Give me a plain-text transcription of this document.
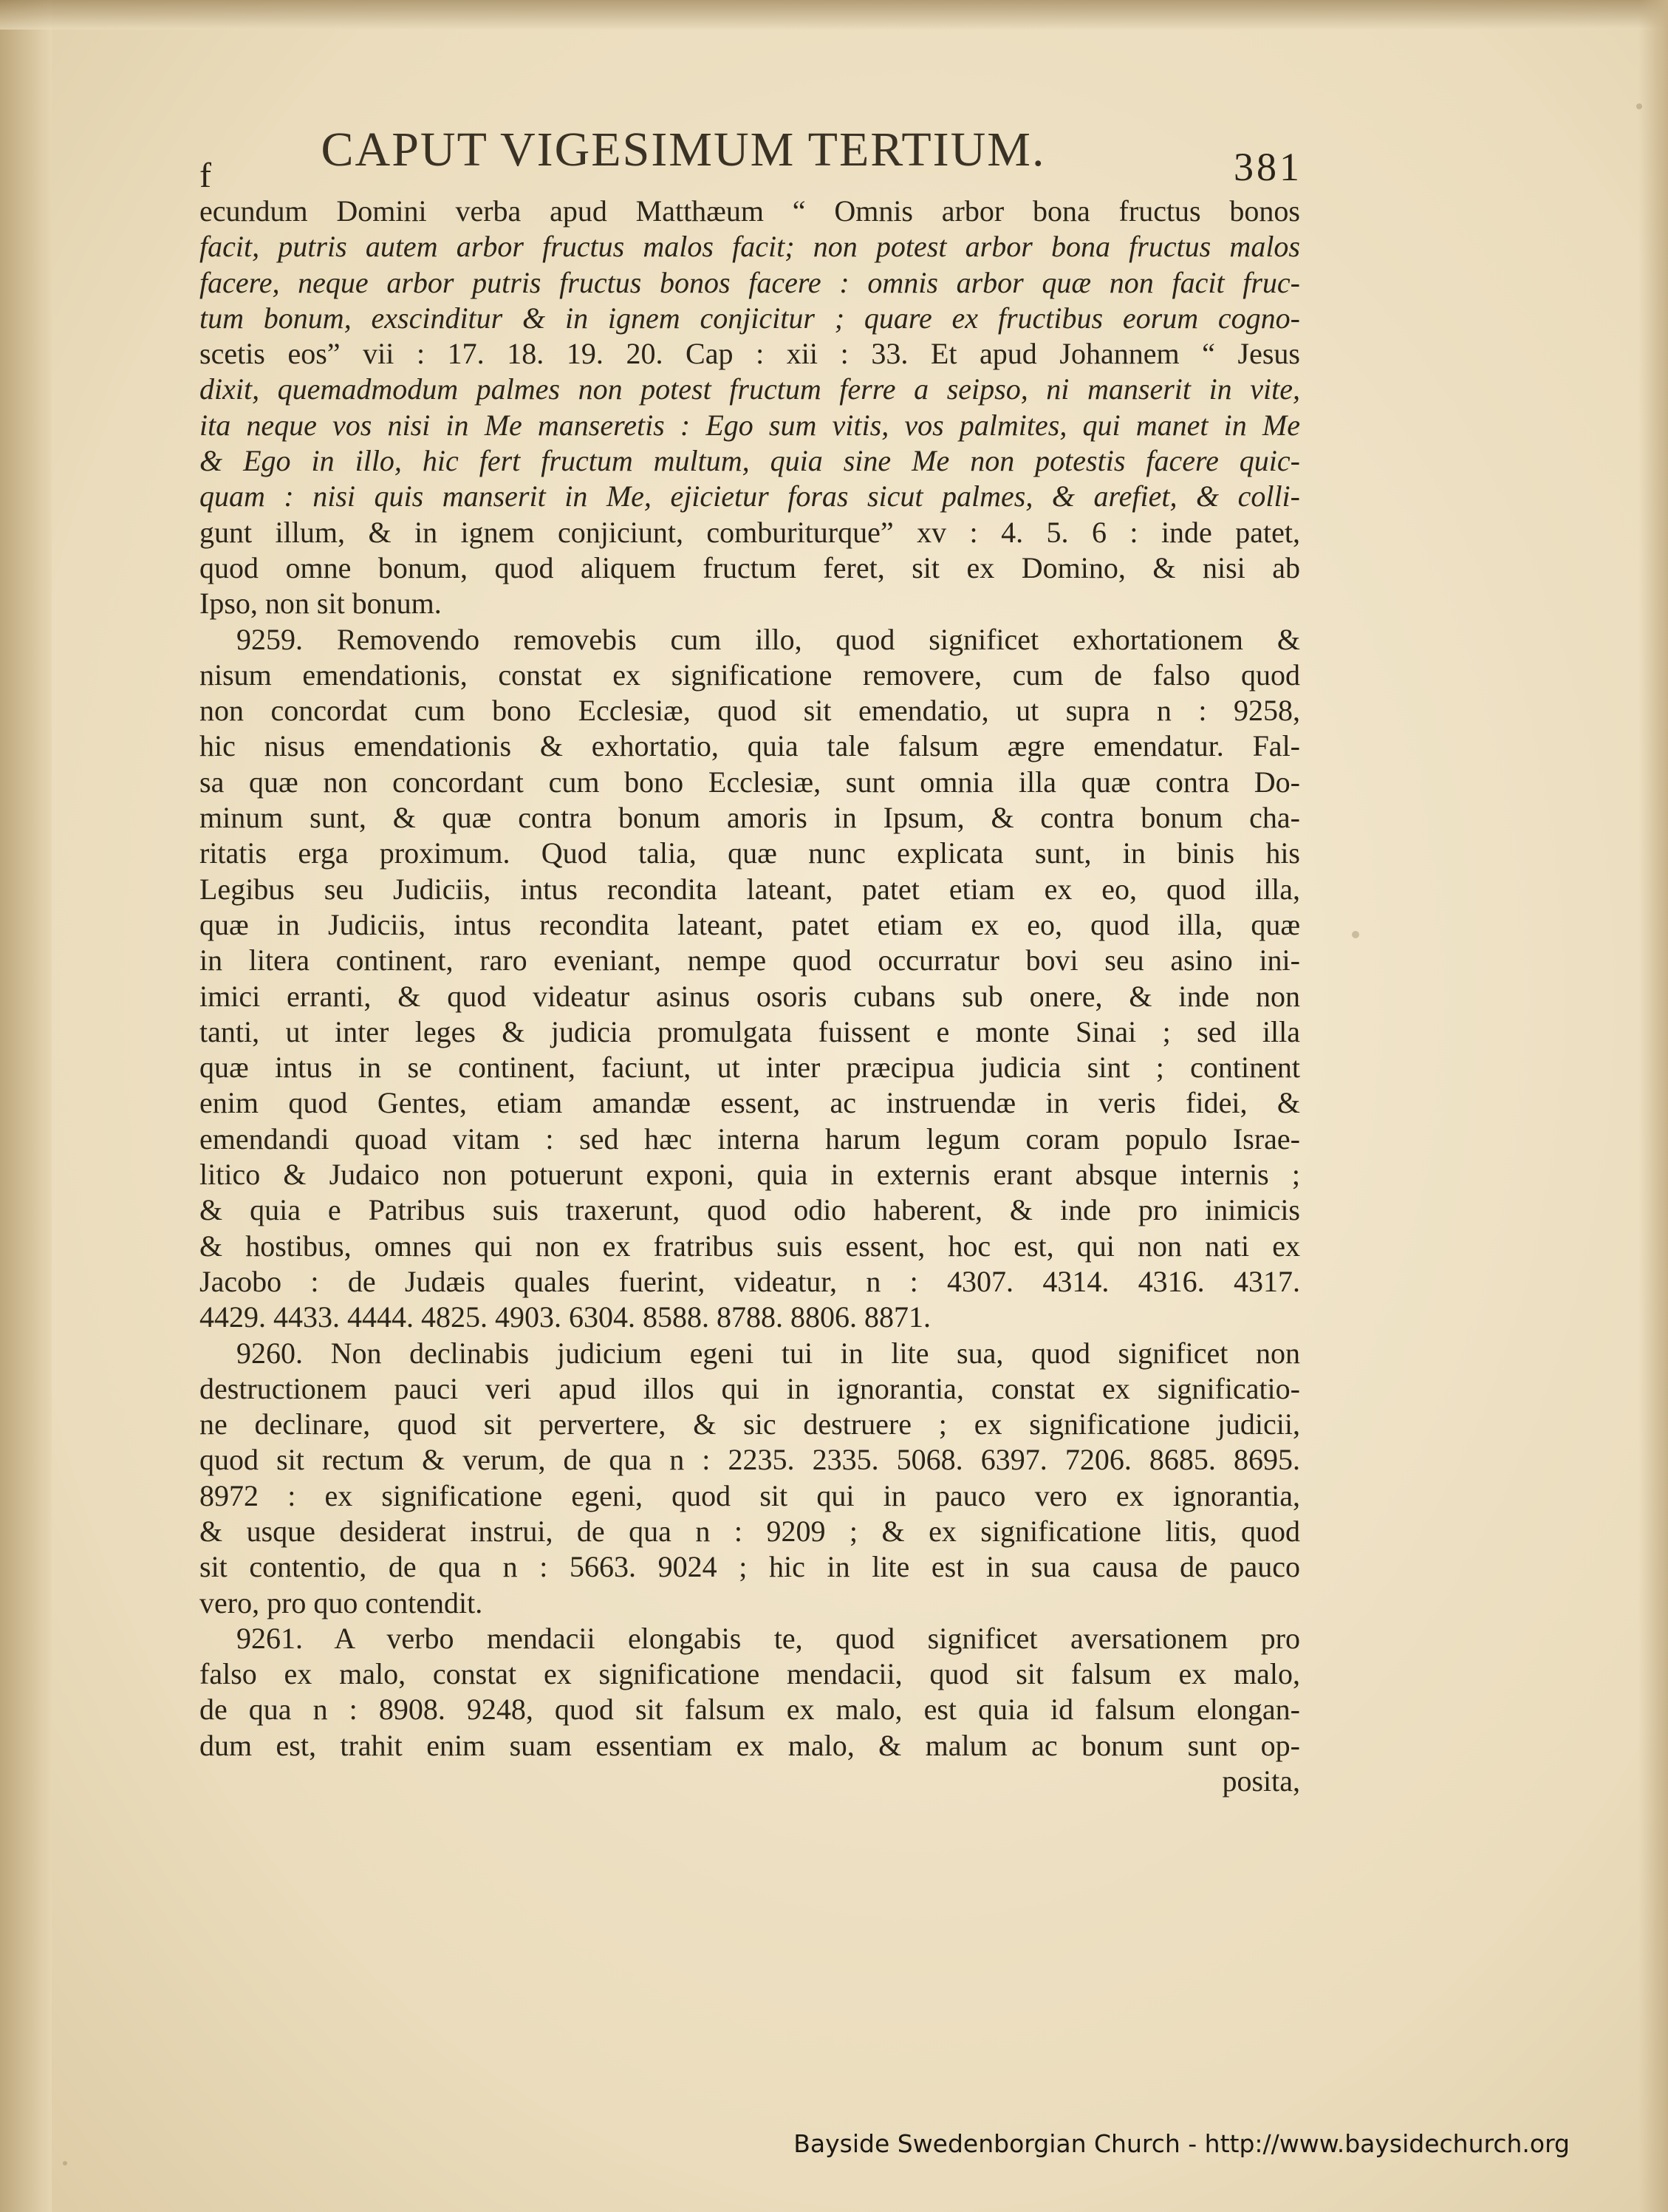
f	CAPUT VIGESIMUM TERTIUM.	381
ecundum Domini verba apud Matthæum “ Omnis arbor bona fructus bonos
facit, putris autem arbor fructus malos facit; non potest arbor bona fructus malos
facere, neque arbor putris fructus bonos facere : omnis arbor quæ non facit fruc-
tum bonum, exscinditur & in ignem conjicitur ; quare ex fructibus eorum cogno-
scetis eos” vii : 17. 18. 19. 20. Cap : xii : 33. Et apud Johannem “ Jesus
dixit, quemadmodum palmes non potest fructum ferre a seipso, ni manserit in vite,
ita neque vos nisi in Me manseretis : Ego sum vitis, vos palmites, qui manet in Me
& Ego in illo, hic fert fructum multum, quia sine Me non potestis facere quic-
quam : nisi quis manserit in Me, ejicietur foras sicut palmes, & arefiet, & colli-
gunt illum, & in ignem conjiciunt, comburiturque” xv : 4. 5. 6 : inde patet,
quod omne bonum, quod aliquem fructum feret, sit ex Domino, & nisi ab
Ipso, non sit bonum.
9259. Removendo removebis cum illo, quod significet exhortationem &
nisum emendationis, constat ex significatione removere, cum de falso quod
non concordat cum bono Ecclesiæ, quod sit emendatio, ut supra n : 9258,
hic nisus emendationis & exhortatio, quia tale falsum ægre emendatur. Fal-
sa quæ non concordant cum bono Ecclesiæ, sunt omnia illa quæ contra Do-
minum sunt, & quæ contra bonum amoris in Ipsum, & contra bonum cha-
ritatis erga proximum. Quod talia, quæ nunc explicata sunt, in binis his
Legibus seu Judiciis, intus recondita lateant, patet etiam ex eo, quod illa,
quæ in Judiciis, intus recondita lateant, patet etiam ex eo, quod illa, quæ
in litera continent, raro eveniant, nempe quod occurratur bovi seu asino ini-
imici erranti, & quod videatur asinus osoris cubans sub onere, & inde non
tanti, ut inter leges & judicia promulgata fuissent e monte Sinai ; sed illa
quæ intus in se continent, faciunt, ut inter præcipua judicia sint ; continent
enim quod Gentes, etiam amandæ essent, ac instruendæ in veris fidei, &
emendandi quoad vitam : sed hæc interna harum legum coram populo Israe-
litico & Judaico non potuerunt exponi, quia in externis erant absque internis ;
& quia e Patribus suis traxerunt, quod odio haberent, & inde pro inimicis
& hostibus, omnes qui non ex fratribus suis essent, hoc est, qui non nati ex
Jacobo : de Judæis quales fuerint, videatur, n : 4307. 4314. 4316. 4317.
4429. 4433. 4444. 4825. 4903. 6304. 8588. 8788. 8806. 8871.
9260. Non declinabis judicium egeni tui in lite sua, quod significet non
destructionem pauci veri apud illos qui in ignorantia, constat ex significatio-
ne declinare, quod sit pervertere, & sic destruere ; ex significatione judicii,
quod sit rectum & verum, de qua n : 2235. 2335. 5068. 6397. 7206. 8685. 8695.
8972 : ex significatione egeni, quod sit qui in pauco vero ex ignorantia,
& usque desiderat instrui, de qua n : 9209 ; & ex significatione litis, quod
sit contentio, de qua n : 5663. 9024 ; hic in lite est in sua causa de pauco
vero, pro quo contendit.
9261. A verbo mendacii elongabis te, quod significet aversationem pro
falso ex malo, constat ex significatione mendacii, quod sit falsum ex malo,
de qua n : 8908. 9248, quod sit falsum ex malo, est quia id falsum elongan-
dum est, trahit enim suam essentiam ex malo, & malum ac bonum sunt op-
posita,
Bayside Swedenborgian Church - http://www.baysidechurch.org
